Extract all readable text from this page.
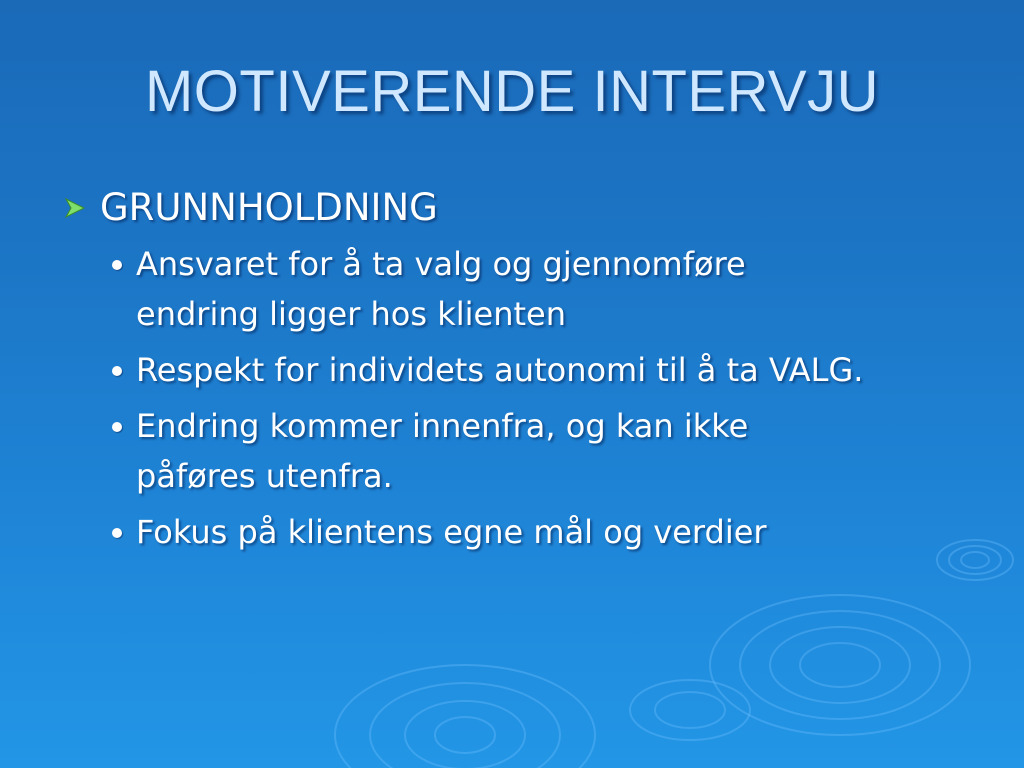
MOTIVERENDE INTERVJU
GRUNNHOLDNING
Ansvaret for å ta valg og gjennomføre endring ligger hos klienten
Respekt for individets autonomi til å ta VALG.
Endring kommer innenfra, og kan ikke påføres utenfra.
Fokus på klientens egne mål og verdier
